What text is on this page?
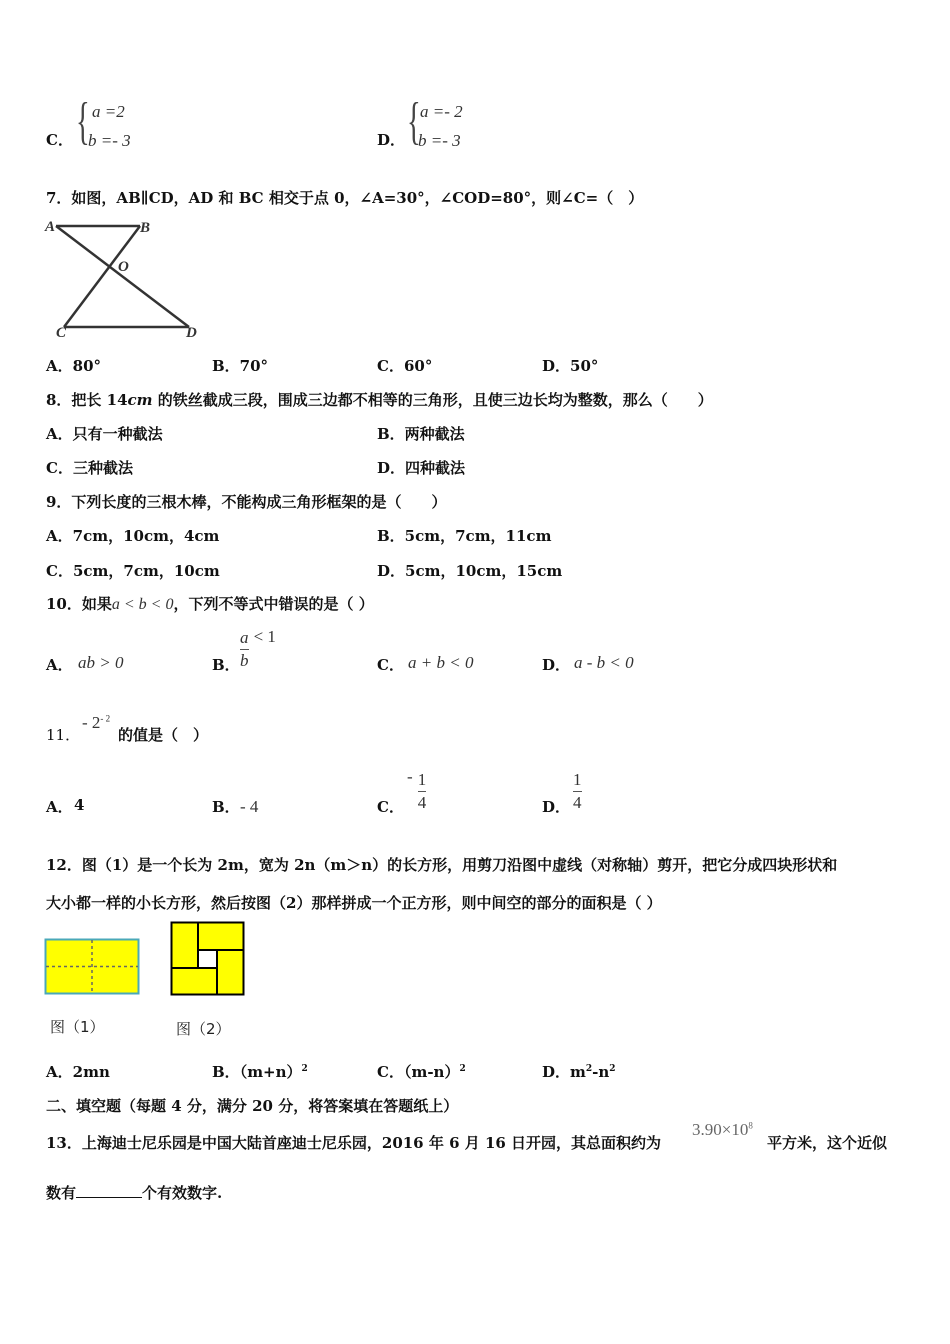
C． { a =2
b =- 3	D． { a =- 2
b =- 3
7．如图，AB∥CD，AD 和 BC 相交于点 0，∠A=30°，∠COD=80°，则∠C=（　）
A	B
O
C	D
A．80°	B．70°	C．60°	D．50°
8．把长 14cm 的铁丝截成三段，围成三边都不相等的三角形，且使三边长均为整数，那么（　　）
A．只有一种截法	B．两种截法
C．三种截法	D．四种截法
9．下列长度的三根木棒，不能构成三角形框架的是（　　）
A．7cm，10cm，4cm	B．5cm，7cm，11cm
C．5cm，7cm，10cm	D．5cm，10cm，15cm
10．如果a < b < 0，下列不等式中错误的是（ ）
A． ab > 0	B． $\frac{a}{b} < 1$
C． a + b < 0	D． a - b < 0
11．
- $2^{- 2}$
的值是（　）
A． 4	B． - 4	C．
- $\frac{1}{4}$	D． $\frac{1}{4}$
12．图（1）是一个长为 2m，宽为 2n（m＞n）的长方形，用剪刀沿图中虚线（对称轴）剪开，把它分成四块形状和
大小都一样的小长方形，然后按图（2）那样拼成一个正方形，则中间空的部分的面积是（ ）
图（1）	图（2）
A．2mn	B．$(m+n)^2$	C．$(m-n)^2$	D．$m^2-n^2$
二、填空题（每题 4 分，满分 20 分，将答案填在答题纸上）
13．上海迪士尼乐园是中国大陆首座迪士尼乐园，2016 年 6 月 16 日开园，其总面积约为
$3.90\times 10^8$
平方米，这个近似
数有	个有效数字.
